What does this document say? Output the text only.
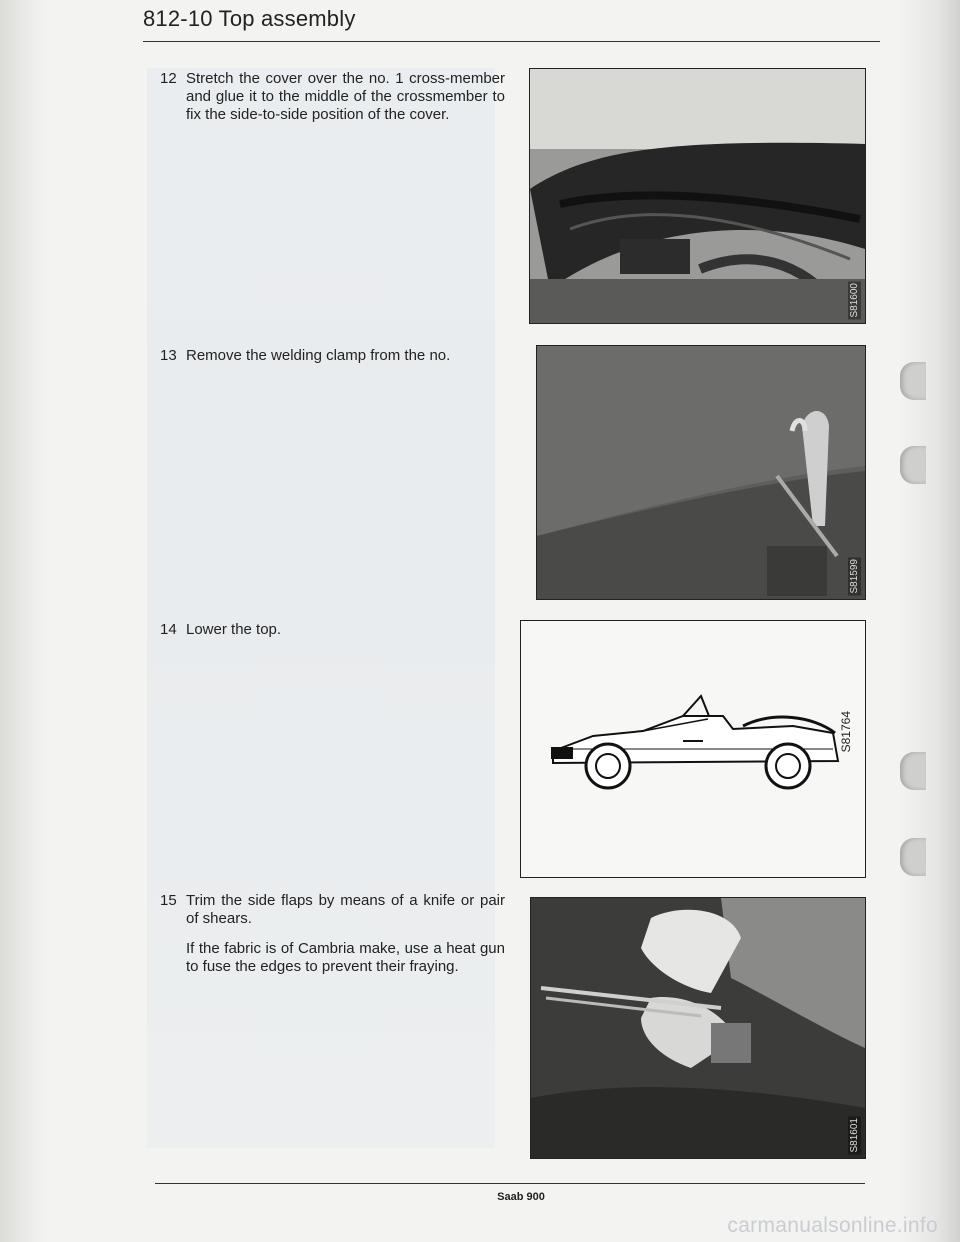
812-10 Top assembly
12 Stretch the cover over the no. 1 cross-member and glue it to the middle of the crossmember to fix the side-to-side position of the cover.

13 Remove the welding clamp from the no.

14 Lower the top.

15 Trim the side flaps by means of a knife or pair of shears.

If the fabric is of Cambria make, use a heat gun to fuse the edges to prevent their fraying.

S81600
S81599
S81764
S81601
Saab 900
carmanualsonline.info
